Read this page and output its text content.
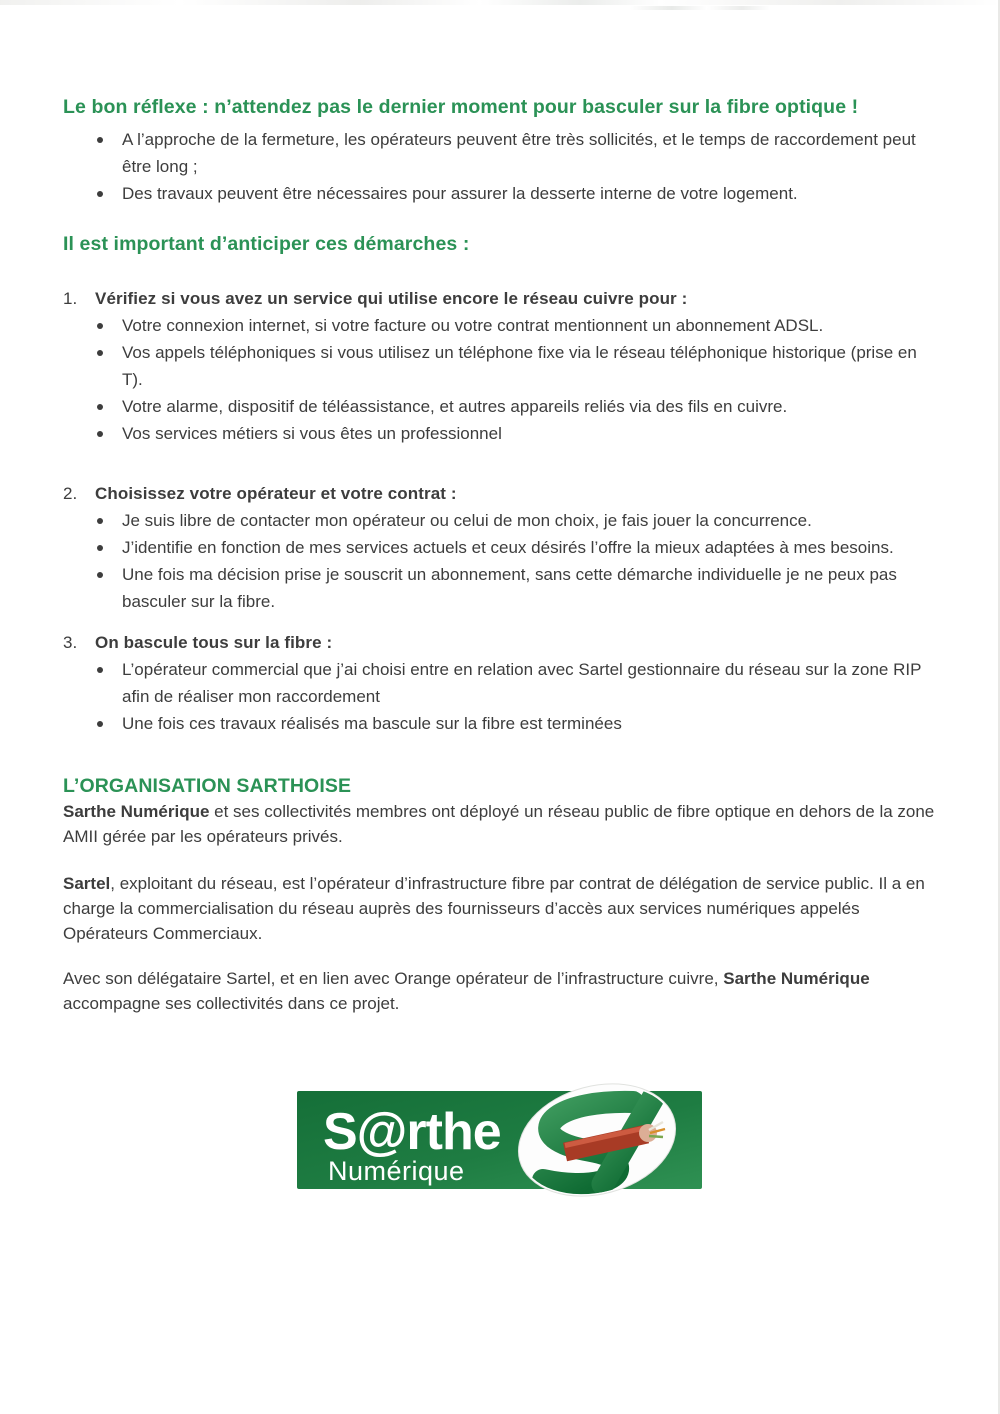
Le bon réflexe : n’attendez pas le dernier moment pour basculer sur la fibre optique !
A l’approche de la fermeture, les opérateurs peuvent être très sollicités, et le temps de raccordement peut être long ;
Des travaux peuvent être nécessaires pour assurer la desserte interne de votre logement.
Il est important d’anticiper ces démarches :
1.	Vérifiez si vous avez un service qui utilise encore le réseau cuivre pour :
Votre connexion internet, si votre facture ou votre contrat mentionnent un abonnement ADSL.
Vos appels téléphoniques si vous utilisez un téléphone fixe via le réseau téléphonique historique (prise en T).
Votre alarme, dispositif de téléassistance, et autres appareils reliés via des fils en cuivre.
Vos services métiers si vous êtes un professionnel
2.	Choisissez votre opérateur et votre contrat :
Je suis libre de contacter mon opérateur ou celui de mon choix, je fais jouer la concurrence.
J’identifie en fonction de mes services actuels et ceux désirés l’offre la mieux adaptées à mes besoins.
Une fois ma décision prise je souscrit un abonnement, sans cette démarche individuelle je ne peux pas basculer sur la fibre.
3.	On bascule tous sur la fibre :
L’opérateur commercial que j’ai choisi entre en relation avec Sartel gestionnaire du réseau sur la zone RIP afin de réaliser mon raccordement
Une fois ces travaux réalisés ma bascule sur la fibre est terminées
L’ORGANISATION SARTHOISE

Sarthe Numérique et ses collectivités membres ont déployé un réseau public de fibre optique en dehors de la zone AMII gérée par les opérateurs privés.

Sartel, exploitant du réseau, est l’opérateur d’infrastructure fibre par contrat de délégation de service public. Il a en charge la commercialisation du réseau auprès des fournisseurs d’accès aux services numériques appelés Opérateurs Commerciaux.

Avec son délégataire Sartel, et en lien avec Orange opérateur de l’infrastructure cuivre, Sarthe Numérique accompagne ses collectivités dans ce projet.

S@rthe
Numérique
